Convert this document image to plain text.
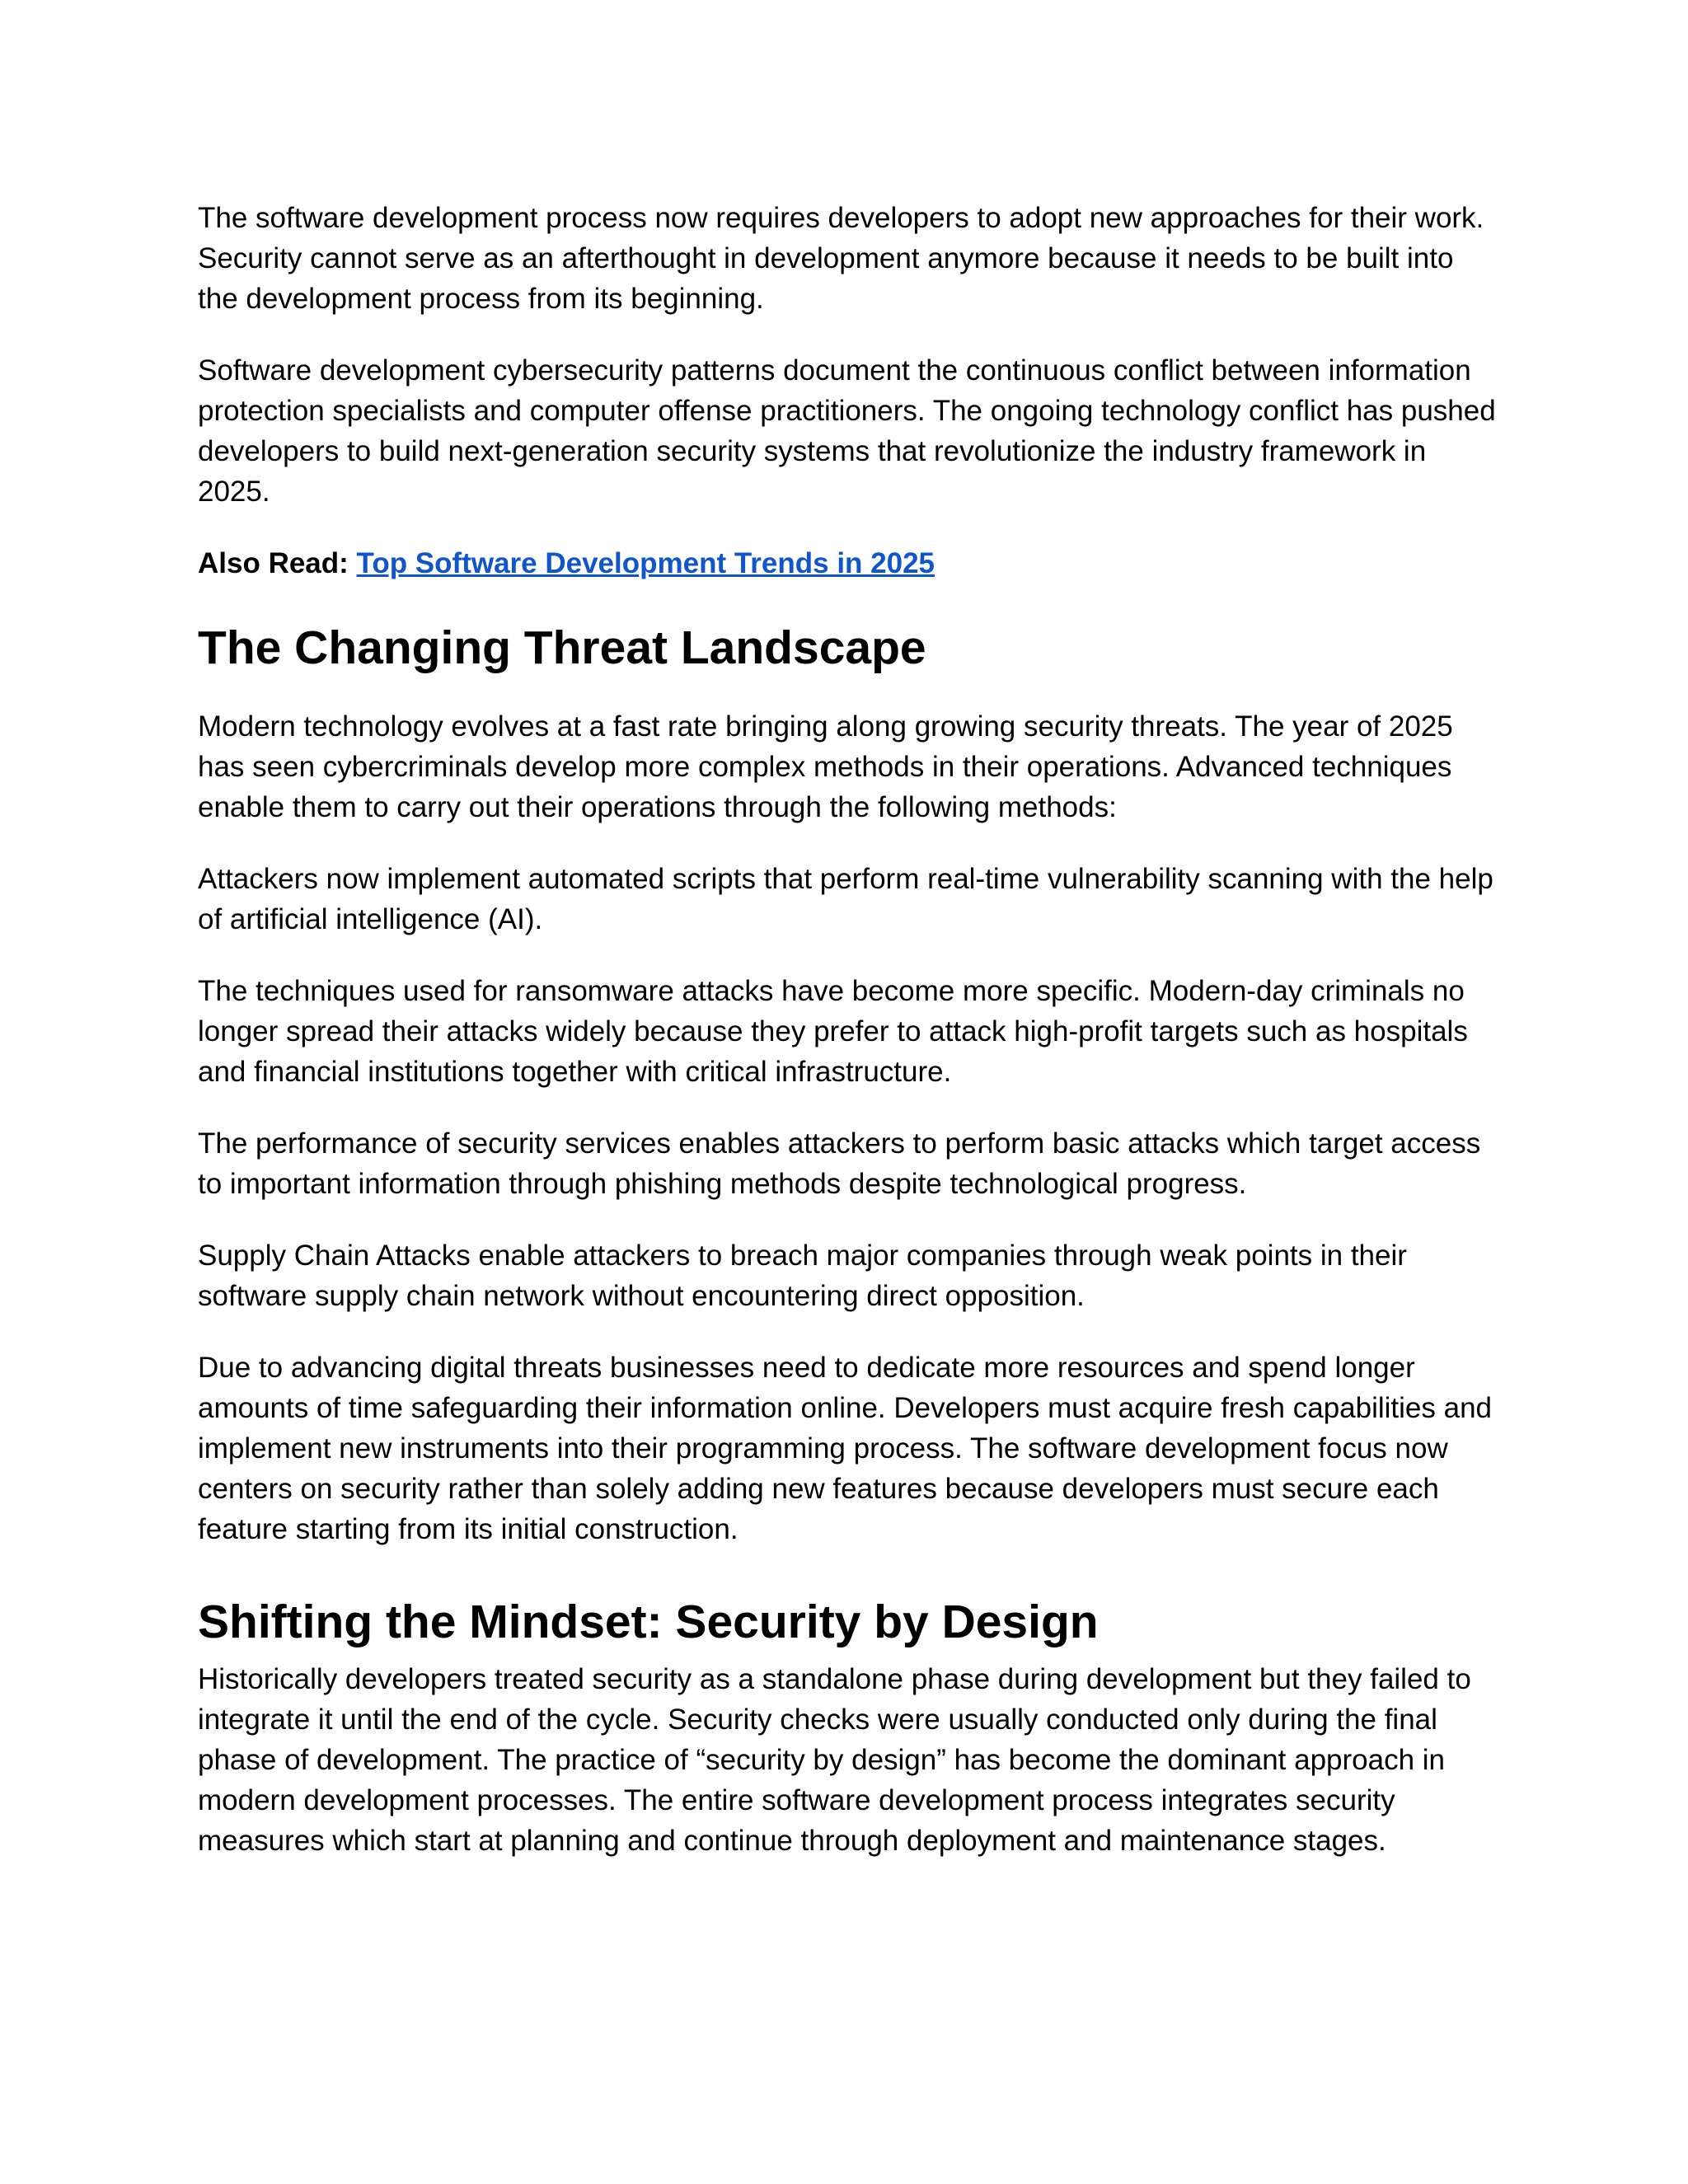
The software development process now requires developers to adopt new approaches for their work. Security cannot serve as an afterthought in development anymore because it needs to be built into the development process from its beginning.

Software development cybersecurity patterns document the continuous conflict between information protection specialists and computer offense practitioners. The ongoing technology conflict has pushed developers to build next-generation security systems that revolutionize the industry framework in 2025.

Also Read: Top Software Development Trends in 2025

The Changing Threat Landscape

Modern technology evolves at a fast rate bringing along growing security threats. The year of 2025 has seen cybercriminals develop more complex methods in their operations. Advanced techniques enable them to carry out their operations through the following methods:

Attackers now implement automated scripts that perform real-time vulnerability scanning with the help of artificial intelligence (AI).

The techniques used for ransomware attacks have become more specific. Modern-day criminals no longer spread their attacks widely because they prefer to attack high-profit targets such as hospitals and financial institutions together with critical infrastructure.

The performance of security services enables attackers to perform basic attacks which target access to important information through phishing methods despite technological progress.

Supply Chain Attacks enable attackers to breach major companies through weak points in their software supply chain network without encountering direct opposition.

Due to advancing digital threats businesses need to dedicate more resources and spend longer amounts of time safeguarding their information online. Developers must acquire fresh capabilities and implement new instruments into their programming process. The software development focus now centers on security rather than solely adding new features because developers must secure each feature starting from its initial construction.

Shifting the Mindset: Security by Design

Historically developers treated security as a standalone phase during development but they failed to integrate it until the end of the cycle. Security checks were usually conducted only during the final phase of development. The practice of “security by design” has become the dominant approach in modern development processes. The entire software development process integrates security measures which start at planning and continue through deployment and maintenance stages.
